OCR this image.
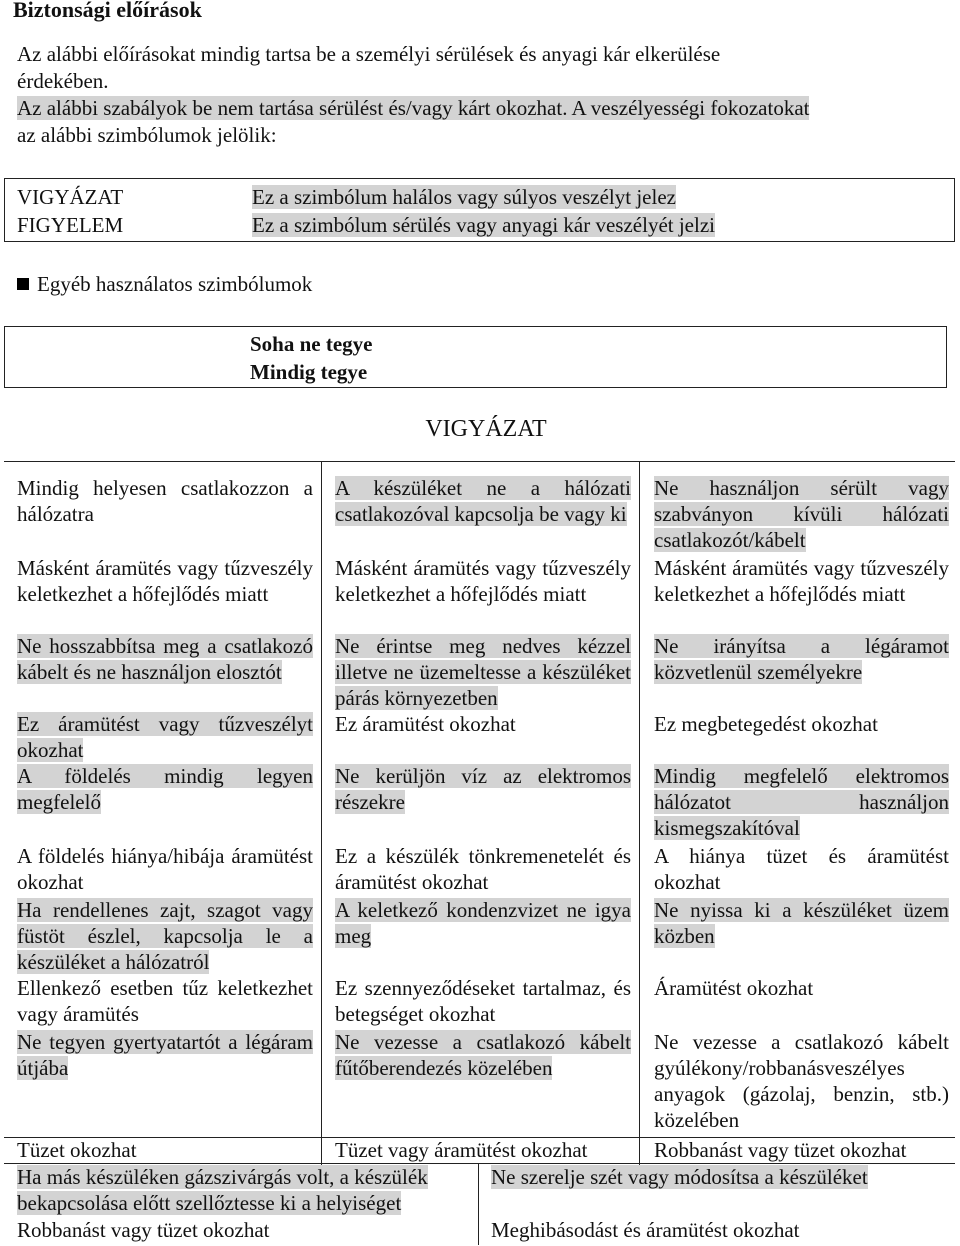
Biztonsági előírások
Az alábbi előírásokat mindig tartsa be a személyi sérülések és anyagi kár elkerülése
érdekében.
Az alábbi szabályok be nem tartása sérülést és/vagy kárt okozhat. A veszélyességi fokozatokat
az alábbi szimbólumok jelölik:
VIGYÁZAT	Ez a szimbólum halálos vagy súlyos veszélyt jelez
FIGYELEM	Ez a szimbólum sérülés vagy anyagi kár veszélyét jelzi
Egyéb használatos szimbólumok
Soha ne tegye
Mindig tegye
VIGYÁZAT
Mindig helyesen csatlakozzon a hálózatra
Másként áramütés vagy tűzveszély keletkezhet a hőfejlődés miatt
Ne hosszabbítsa meg a csatlakozó kábelt és ne használjon elosztót
Ez áramütést vagy tűzveszélyt okozhat
A földelés mindig legyen megfelelő
A földelés hiánya/hibája áramütést okozhat
Ha rendellenes zajt, szagot vagy füstöt észlel, kapcsolja le a készüléket a hálózatról
Ellenkező esetben tűz keletkezhet vagy áramütés
Ne tegyen gyertyatartót a légáram útjába
Tüzet okozhat
A készüléket ne a hálózati csatlakozóval kapcsolja be vagy ki
Másként áramütés vagy tűzveszély keletkezhet a hőfejlődés miatt
Ne érintse meg nedves kézzel illetve ne üzemeltesse a készüléket párás környezetben
Ez áramütést okozhat
Ne kerüljön víz az elektromos részekre
Ez a készülék tönkremenetelét és áramütést okozhat
A keletkező kondenzvizet ne igya meg
Ez szennyeződéseket tartalmaz, és betegséget okozhat
Ne vezesse a csatlakozó kábelt fűtőberendezés közelében
Tüzet vagy áramütést okozhat
Ne használjon sérült vagy szabványon kívüli hálózati csatlakozót/kábelt
Másként áramütés vagy tűzveszély keletkezhet a hőfejlődés miatt
Ne irányítsa a légáramot közvetlenül személyekre
Ez megbetegedést okozhat
Mindig megfelelő elektromos hálózatot használjon kismegszakítóval
A hiánya tüzet és áramütést okozhat
Ne nyissa ki a készüléket üzem közben
Áramütést okozhat
Ne vezesse a csatlakozó kábelt gyúlékony/robbanásveszélyes anyagok (gázolaj, benzin, stb.) közelében
Robbanást vagy tüzet okozhat
Ha más készüléken gázszivárgás volt, a készülék bekapcsolása előtt szellőztesse ki a helyiséget
Robbanást vagy tüzet okozhat
Ne szerelje szét vagy módosítsa a készüléket
Meghibásodást és áramütést okozhat
